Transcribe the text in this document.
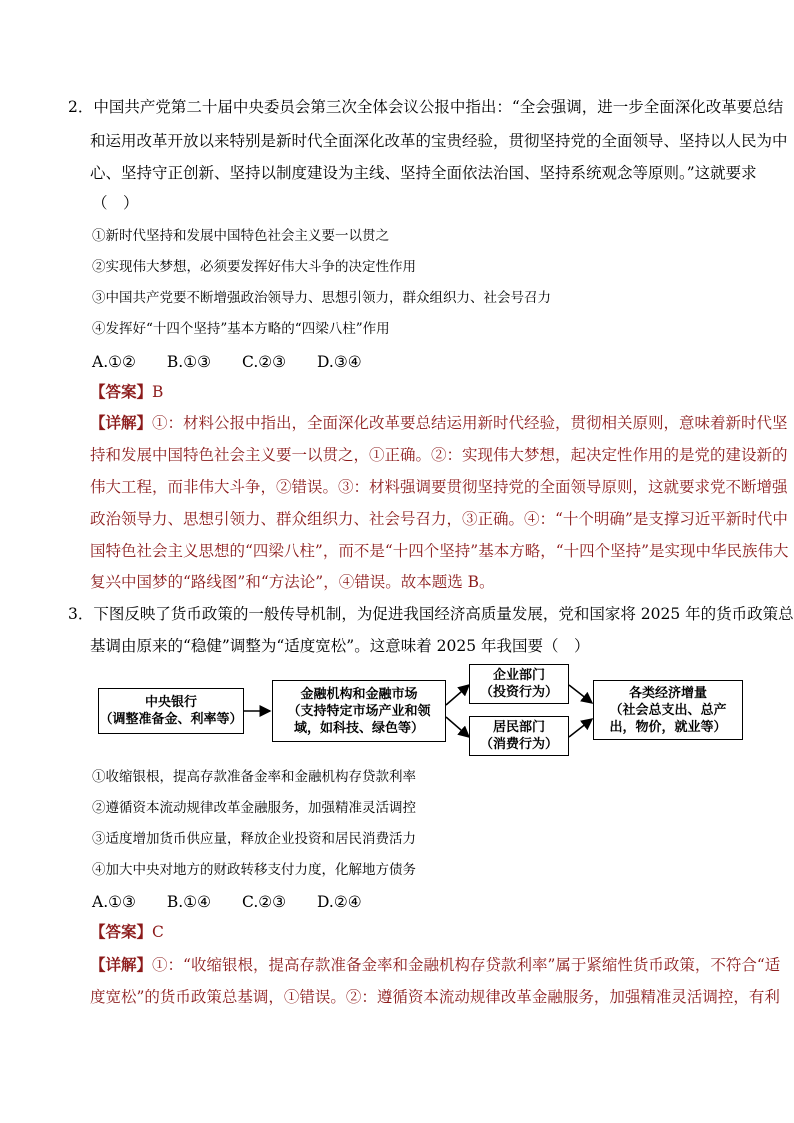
2．中国共产党第二十届中央委员会第三次全体会议公报中指出：“全会强调，进一步全面深化改革要总结
和运用改革开放以来特别是新时代全面深化改革的宝贵经验，贯彻坚持党的全面领导、坚持以人民为中
心、坚持守正创新、坚持以制度建设为主线、坚持全面依法治国、坚持系统观念等原则。”这就要求
（　）
①新时代坚持和发展中国特色社会主义要一以贯之
②实现伟大梦想，必须要发挥好伟大斗争的决定性作用
③中国共产党要不断增强政治领导力、思想引领力，群众组织力、社会号召力
④发挥好“十四个坚持”基本方略的“四梁八柱”作用
A.①②　　B.①③　　C.②③　　D.③④
【答案】B
【详解】①：材料公报中指出，全面深化改革要总结运用新时代经验，贯彻相关原则，意味着新时代坚
持和发展中国特色社会主义要一以贯之，①正确。②：实现伟大梦想，起决定性作用的是党的建设新的
伟大工程，而非伟大斗争，②错误。③：材料强调要贯彻坚持党的全面领导原则，这就要求党不断增强
政治领导力、思想引领力、群众组织力、社会号召力，③正确。④：“十个明确”是支撑习近平新时代中
国特色社会主义思想的“四梁八柱”，而不是“十四个坚持”基本方略，“十四个坚持”是实现中华民族伟大
复兴中国梦的“路线图”和“方法论”，④错误。故本题选 B。
3．下图反映了货币政策的一般传导机制，为促进我国经济高质量发展，党和国家将 2025 年的货币政策总
基调由原来的“稳健”调整为“适度宽松”。这意味着 2025 年我国要（　）
中央银行
（调整准备金、利率等）
金融机构和金融市场
（支持特定市场产业和领
域，如科技、绿色等）
企业部门
（投资行为）
居民部门
（消费行为）
各类经济增量
（社会总支出、总产
出，物价，就业等）
①收缩银根，提高存款准备金率和金融机构存贷款利率
②遵循资本流动规律改革金融服务，加强精准灵活调控
③适度增加货币供应量，释放企业投资和居民消费活力
④加大中央对地方的财政转移支付力度，化解地方债务
A.①③　　B.①④　　C.②③　　D.②④
【答案】C
【详解】①：“收缩银根，提高存款准备金率和金融机构存贷款利率”属于紧缩性货币政策，不符合“适
度宽松”的货币政策总基调，①错误。②：遵循资本流动规律改革金融服务，加强精准灵活调控，有利
